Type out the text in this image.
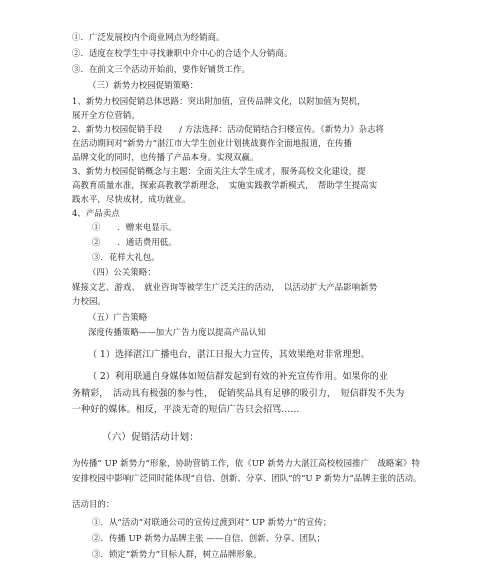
①．广泛发展校内个商业网点为经销商。
②．适度在校学生中寻找兼职中介中心的合适个人分销商。
③．在前文三个活动开始前，要作好铺货工作。
（三）新势力校园促销策略：
1、新势力校园促销总体思路：突出附加值，宣传品牌文化，以附加值为契机，
展开全方位营销。
2、新势力校园促销手段　　/ 方法选择：活动促销结合扫楼宣传。《新势力》杂志将
在活动期间对“新势力”湛江市大学生创业计划挑战赛作全面地报道，在传播
品牌文化的同时，也传播了产品本身。实现双赢。
3、新势力校园促销概念与主题：全面关注大学生成才，服务高校文化建设，提
高教育质量水准，探索高教教学新理念，　实施实践教学新模式，　帮助学生提高实
践水平，尽快成材，成功就业。
4、产品卖点
①　　．赠来电显示。
②　　．通话费用低。
③．花样大礼包。
（四）公关策略：
媒接文艺、游戏、　就业咨询等被学生广泛关注的活动，　以活动扩大产品影响新势
力校园。
（五）广告策略
深度传播策略——加大广告力度以提高产品认知
（ 1）选择湛江广播电台，湛江日报大力宣传，其效果绝对非常理想。
（ 2）利用联通自身媒体如短信群发起到有效的补充宣传作用。如果你的业
务精彩，　活动具有极强的参与性，　促销奖品具有足够的吸引力，　短信群发不失为
一种好的媒体。相反，平淡无奇的短信广告只会招骂……
（六）促销活动计划：
为传播“ UP 新势力”形象，协助营销工作，依《UP 新势力大湛江高校校园推广　战略案》特
安排校园中影响广泛同时能体现“自信、创新、分享、团队”的“U P 新势力”品牌主张的活动。
活动目的：
①．从“活动”对联通公司的宣传过渡到对“ UP 新势力”的宣传；
②．传播 UP 新势力品牌主张 ——自信、创新、分享、团队；
③．锁定“新势力”目标人群，树立品牌形象。
